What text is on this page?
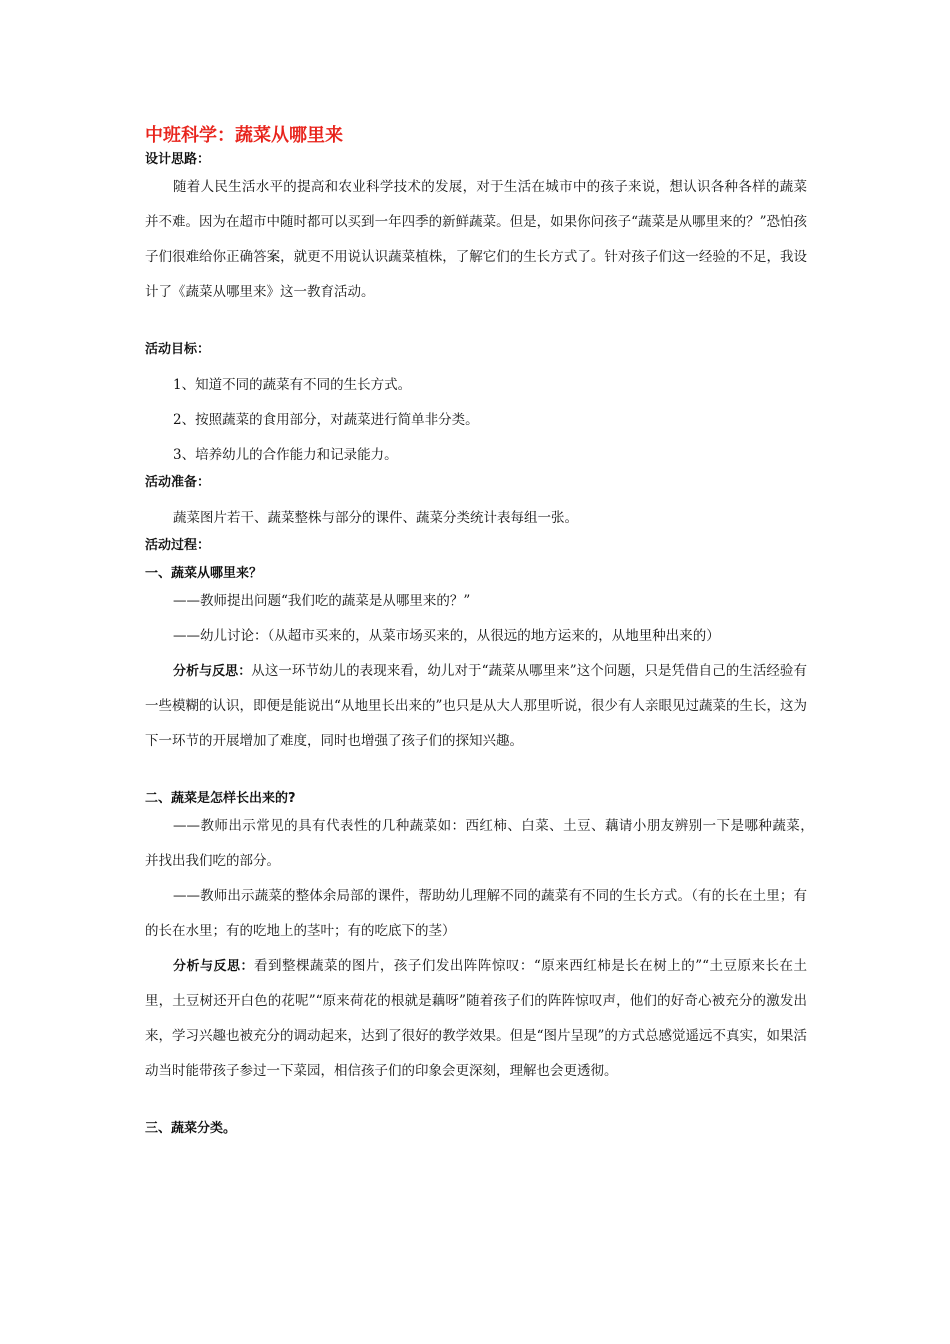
中班科学：蔬菜从哪里来
设计思路：

随着人民生活水平的提高和农业科学技术的发展，对于生活在城市中的孩子来说，想认识各种各样的蔬菜并不难。因为在超市中随时都可以买到一年四季的新鲜蔬菜。但是，如果你问孩子“蔬菜是从哪里来的？”恐怕孩子们很难给你正确答案，就更不用说认识蔬菜植株，了解它们的生长方式了。针对孩子们这一经验的不足，我设计了《蔬菜从哪里来》这一教育活动。

活动目标：

1、知道不同的蔬菜有不同的生长方式。

2、按照蔬菜的食用部分，对蔬菜进行简单非分类。

3、培养幼儿的合作能力和记录能力。

活动准备：

蔬菜图片若干、蔬菜整株与部分的课件、蔬菜分类统计表每组一张。

活动过程：
一、蔬菜从哪里来？

——教师提出问题“我们吃的蔬菜是从哪里来的？”

——幼儿讨论：（从超市买来的，从菜市场买来的，从很远的地方运来的，从地里种出来的）

分析与反思：从这一环节幼儿的表现来看，幼儿对于“蔬菜从哪里来”这个问题，只是凭借自己的生活经验有一些模糊的认识，即便是能说出“从地里长出来的”也只是从大人那里听说，很少有人亲眼见过蔬菜的生长，这为下一环节的开展增加了难度，同时也增强了孩子们的探知兴趣。

二、蔬菜是怎样长出来的?

——教师出示常见的具有代表性的几种蔬菜如：西红柿、白菜、土豆、藕请小朋友辨别一下是哪种蔬菜，　　并找出我们吃的部分。

——教师出示蔬菜的整体余局部的课件，帮助幼儿理解不同的蔬菜有不同的生长方式。（有的长在土里；有的长在水里；有的吃地上的茎叶；有的吃底下的茎）

分析与反思：看到整棵蔬菜的图片，孩子们发出阵阵惊叹：“原来西红柿是长在树上的”“土豆原来长在土里，土豆树还开白色的花呢”“原来荷花的根就是藕呀”随着孩子们的阵阵惊叹声，他们的好奇心被充分的激发出来，学习兴趣也被充分的调动起来，达到了很好的教学效果。但是“图片呈现”的方式总感觉遥远不真实，如果活动当时能带孩子参过一下菜园，相信孩子们的印象会更深刻，理解也会更透彻。

三、蔬菜分类。
